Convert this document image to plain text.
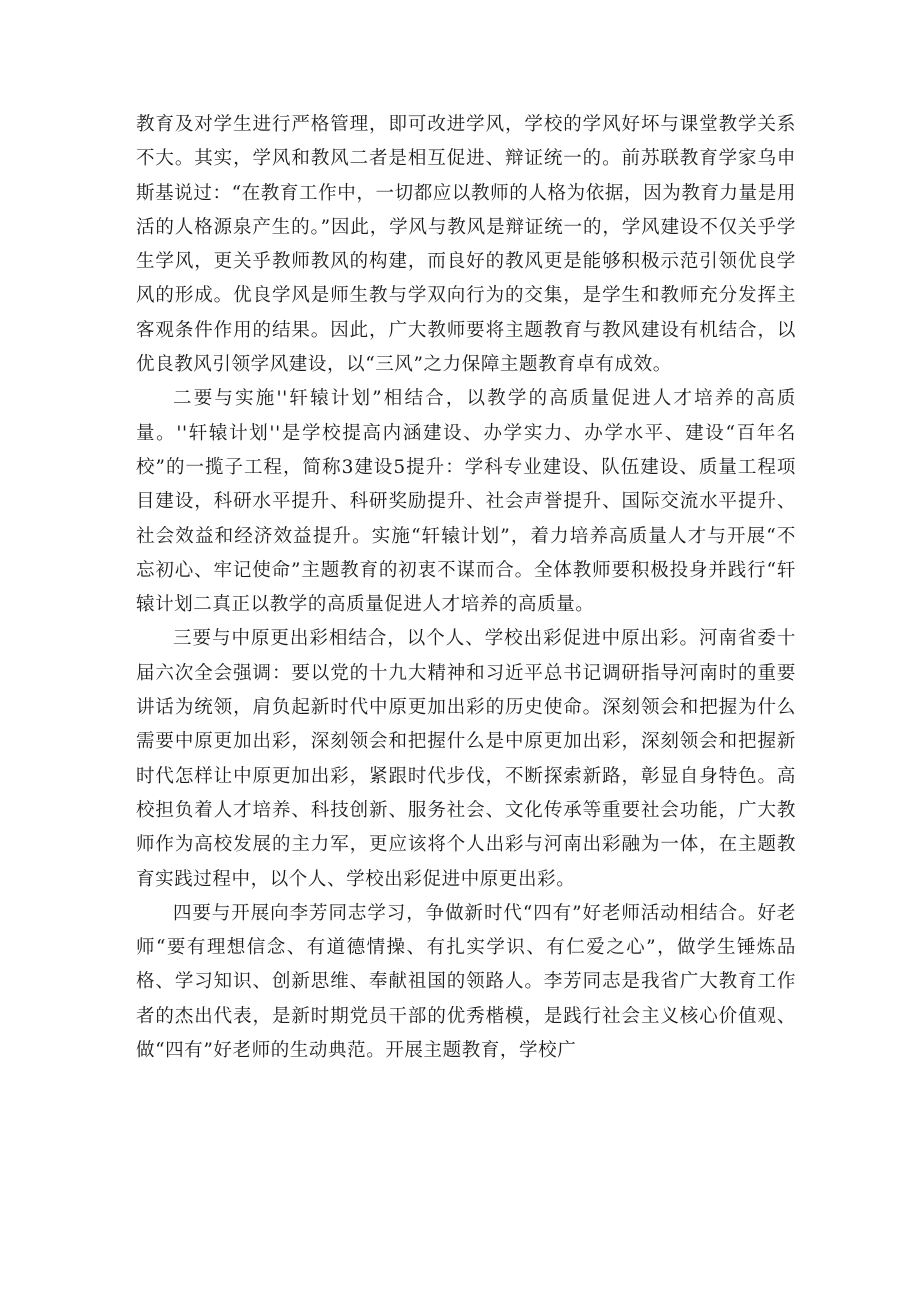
教育及对学生进行严格管理，即可改进学风，学校的学风好坏与课堂教学关系不大。其实，学风和教风二者是相互促进、辩证统一的。前苏联教育学家乌申斯基说过：“在教育工作中，一切都应以教师的人格为依据，因为教育力量是用活的人格源泉产生的。”因此，学风与教风是辩证统一的，学风建设不仅关乎学生学风，更关乎教师教风的构建，而良好的教风更是能够积极示范引领优良学风的形成。优良学风是师生教与学双向行为的交集，是学生和教师充分发挥主客观条件作用的结果。因此，广大教师要将主题教育与教风建设有机结合，以优良教风引领学风建设，以“三风”之力保障主题教育卓有成效。

二要与实施''轩辕计划”相结合，以教学的高质量促进人才培养的高质量。''轩辕计划''是学校提高内涵建设、办学实力、办学水平、建设“百年名校”的一揽子工程，简称3建设5提升：学科专业建设、队伍建设、质量工程项目建设，科研水平提升、科研奖励提升、社会声誉提升、国际交流水平提升、社会效益和经济效益提升。实施“轩辕计划”，着力培养高质量人才与开展“不忘初心、牢记使命”主题教育的初衷不谋而合。全体教师要积极投身并践行“轩辕计划二真正以教学的高质量促进人才培养的高质量。

三要与中原更出彩相结合，以个人、学校出彩促进中原出彩。河南省委十届六次全会强调：要以党的十九大精神和习近平总书记调研指导河南时的重要讲话为统领，肩负起新时代中原更加出彩的历史使命。深刻领会和把握为什么需要中原更加出彩，深刻领会和把握什么是中原更加出彩，深刻领会和把握新时代怎样让中原更加出彩，紧跟时代步伐，不断探索新路，彰显自身特色。高校担负着人才培养、科技创新、服务社会、文化传承等重要社会功能，广大教师作为高校发展的主力军，更应该将个人出彩与河南出彩融为一体，在主题教育实践过程中，以个人、学校出彩促进中原更出彩。

四要与开展向李芳同志学习，争做新时代“四有”好老师活动相结合。好老师“要有理想信念、有道德情操、有扎实学识、有仁爱之心”，做学生锤炼品格、学习知识、创新思维、奉献祖国的领路人。李芳同志是我省广大教育工作者的杰出代表，是新时期党员干部的优秀楷模，是践行社会主义核心价值观、做“四有”好老师的生动典范。开展主题教育，学校广
